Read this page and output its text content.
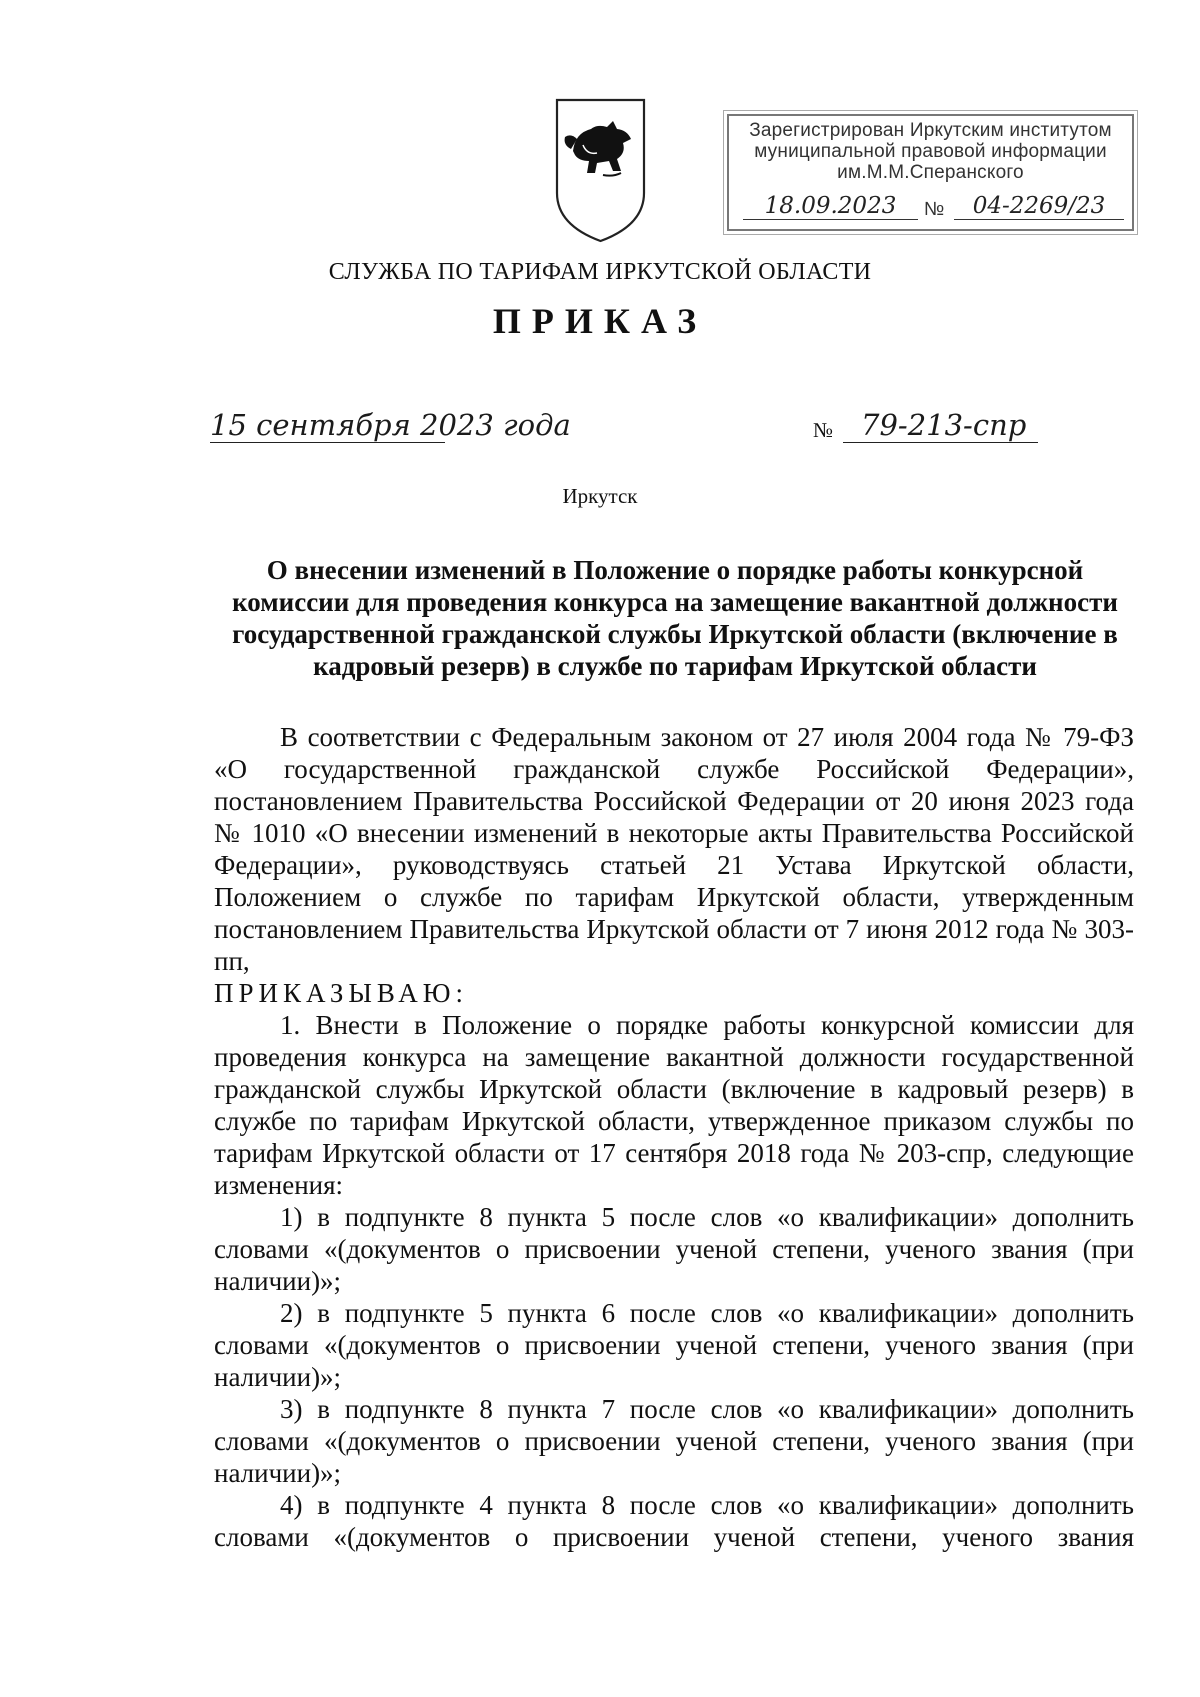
Зарегистрирован Иркутским институтом
муниципальной правовой информации
им.М.М.Сперанского
18.09.2023	№	04-2269/23
СЛУЖБА ПО ТАРИФАМ ИРКУТСКОЙ ОБЛАСТИ
ПРИКАЗ
15 сентября 2023 года	№ 79-213-спр
Иркутск
О внесении изменений в Положение о порядке работы конкурсной комиссии для проведения конкурса на замещение вакантной должности государственной гражданской службы Иркутской области (включение в кадровый резерв) в службе по тарифам Иркутской области

В соответствии с Федеральным законом от 27 июля 2004 года № 79-ФЗ «О государственной гражданской службе Российской Федерации», постановлением Правительства Российской Федерации от 20 июня 2023 года № 1010 «О внесении изменений в некоторые акты Правительства Российской Федерации», руководствуясь статьей 21 Устава Иркутской области, Положением о службе по тарифам Иркутской области, утвержденным постановлением Правительства Иркутской области от 7 июня 2012 года № 303-пп,

ПРИКАЗЫВАЮ:

1. Внести в Положение о порядке работы конкурсной комиссии для проведения конкурса на замещение вакантной должности государственной гражданской службы Иркутской области (включение в кадровый резерв) в службе по тарифам Иркутской области, утвержденное приказом службы по тарифам Иркутской области от 17 сентября 2018 года № 203-спр, следующие изменения:

1) в подпункте 8 пункта 5 после слов «о квалификации» дополнить словами «(документов о присвоении ученой степени, ученого звания (при наличии)»;

2) в подпункте 5 пункта 6 после слов «о квалификации» дополнить словами «(документов о присвоении ученой степени, ученого звания (при наличии)»;

3) в подпункте 8 пункта 7 после слов «о квалификации» дополнить словами «(документов о присвоении ученой степени, ученого звания (при наличии)»;

4) в подпункте 4 пункта 8 после слов «о квалификации» дополнить словами «(документов о присвоении ученой степени, ученого звания
